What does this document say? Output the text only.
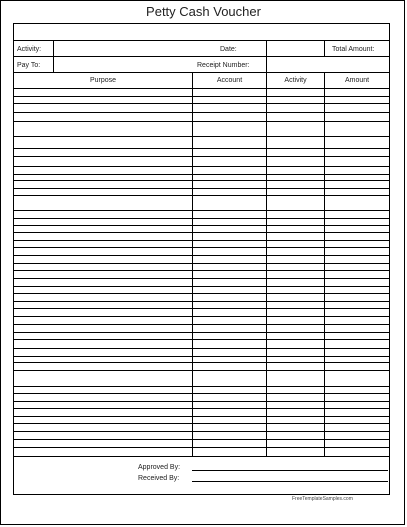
Petty Cash Voucher
Activity:	Date:	Total Amount:
Pay To:	Receipt Number:
Purpose	Account	Activity	Amount
Approved By:
Received By:
FreeTemplateSamples.com
